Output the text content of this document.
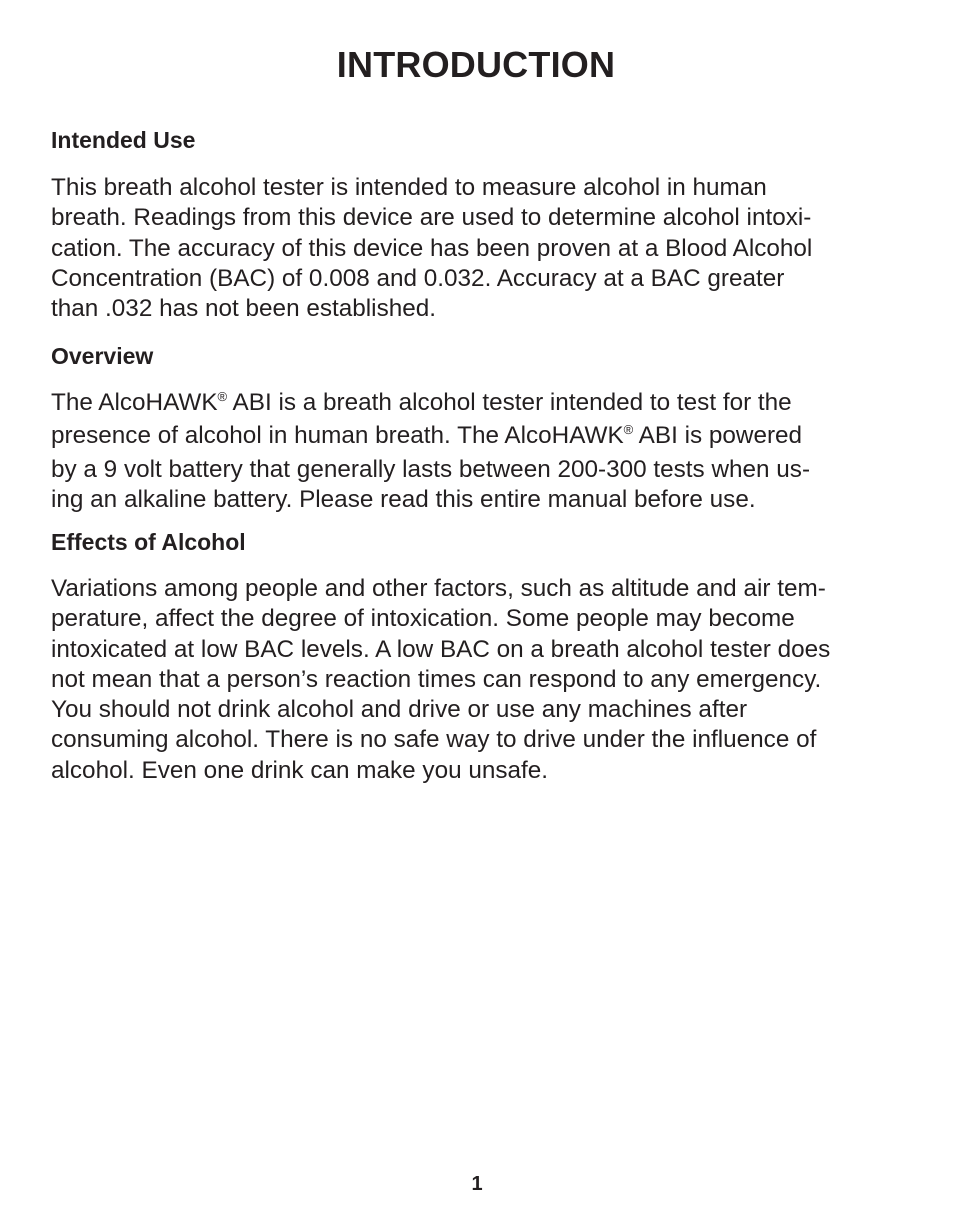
INTRODUCTION
Intended Use
This breath alcohol tester is intended to measure alcohol in human
breath. Readings from this device are used to determine alcohol intoxi-
cation. The accuracy of this device has been proven at a Blood Alcohol
Concentration (BAC) of 0.008 and 0.032. Accuracy at a BAC greater
than .032 has not been established.
Overview
The AlcoHAWK® ABI is a breath alcohol tester intended to test for the
presence of alcohol in human breath. The AlcoHAWK® ABI is powered
by a 9 volt battery that generally lasts between 200-300 tests when us-
ing an alkaline battery. Please read this entire manual before use.
Effects of Alcohol
Variations among people and other factors, such as altitude and air tem-
perature, affect the degree of intoxication. Some people may become
intoxicated at low BAC levels. A low BAC on a breath alcohol tester does
not mean that a person’s reaction times can respond to any emergency.
You should not drink alcohol and drive or use any machines after
consuming alcohol. There is no safe way to drive under the influence of
alcohol. Even one drink can make you unsafe.
1
